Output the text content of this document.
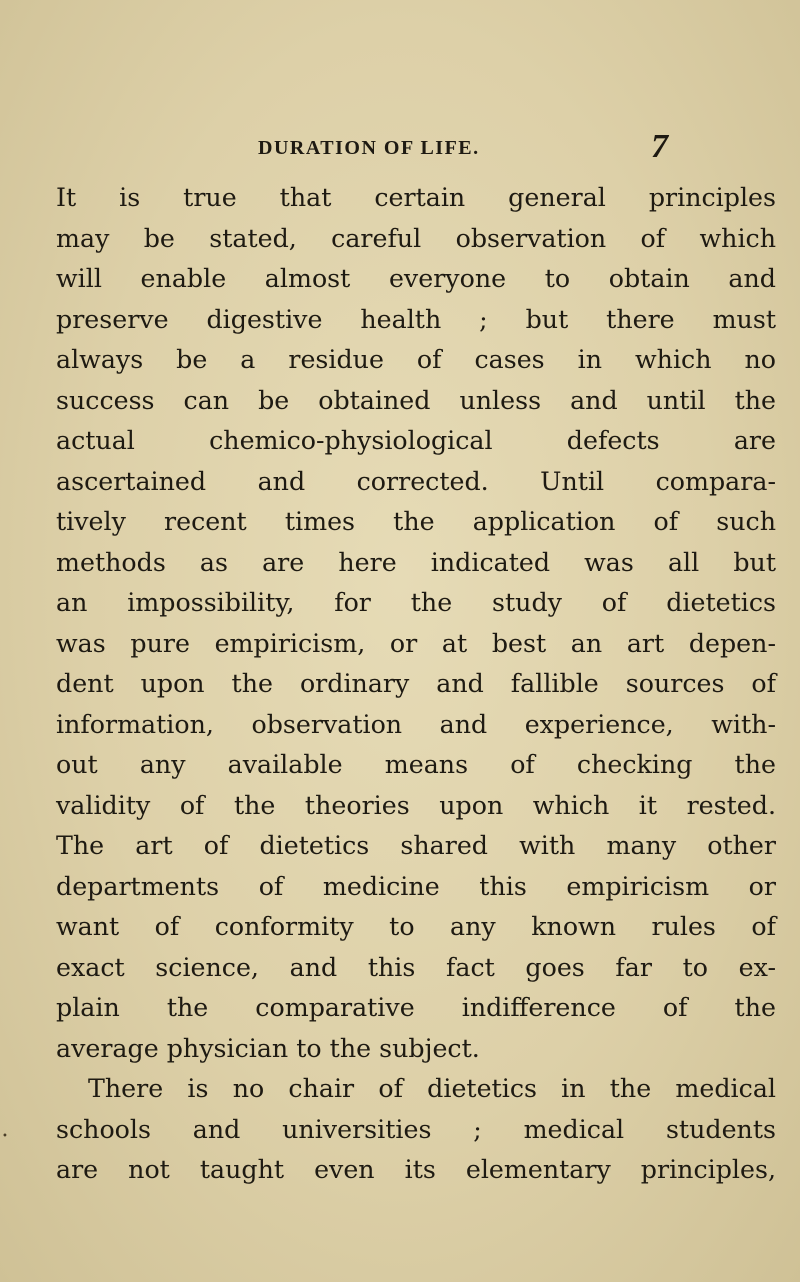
DURATION OF LIFE.	7
It is true that certain general principles
may be stated, careful observation of which
will enable almost everyone to obtain and
preserve digestive health ; but there must
always be a residue of cases in which no
success can be obtained unless and until the
actual chemico-physiological defects are
ascertained and corrected. Until compara-
tively recent times the application of such
methods as are here indicated was all but
an impossibility, for the study of dietetics
was pure empiricism, or at best an art depen-
dent upon the ordinary and fallible sources of
information, observation and experience, with-
out any available means of checking the
validity of the theories upon which it rested.
The art of dietetics shared with many other
departments of medicine this empiricism or
want of conformity to any known rules of
exact science, and this fact goes far to ex-
plain the comparative indifference of the
average physician to the subject.
There is no chair of dietetics in the medical
schools and universities ; medical students
are not taught even its elementary principles,
•
